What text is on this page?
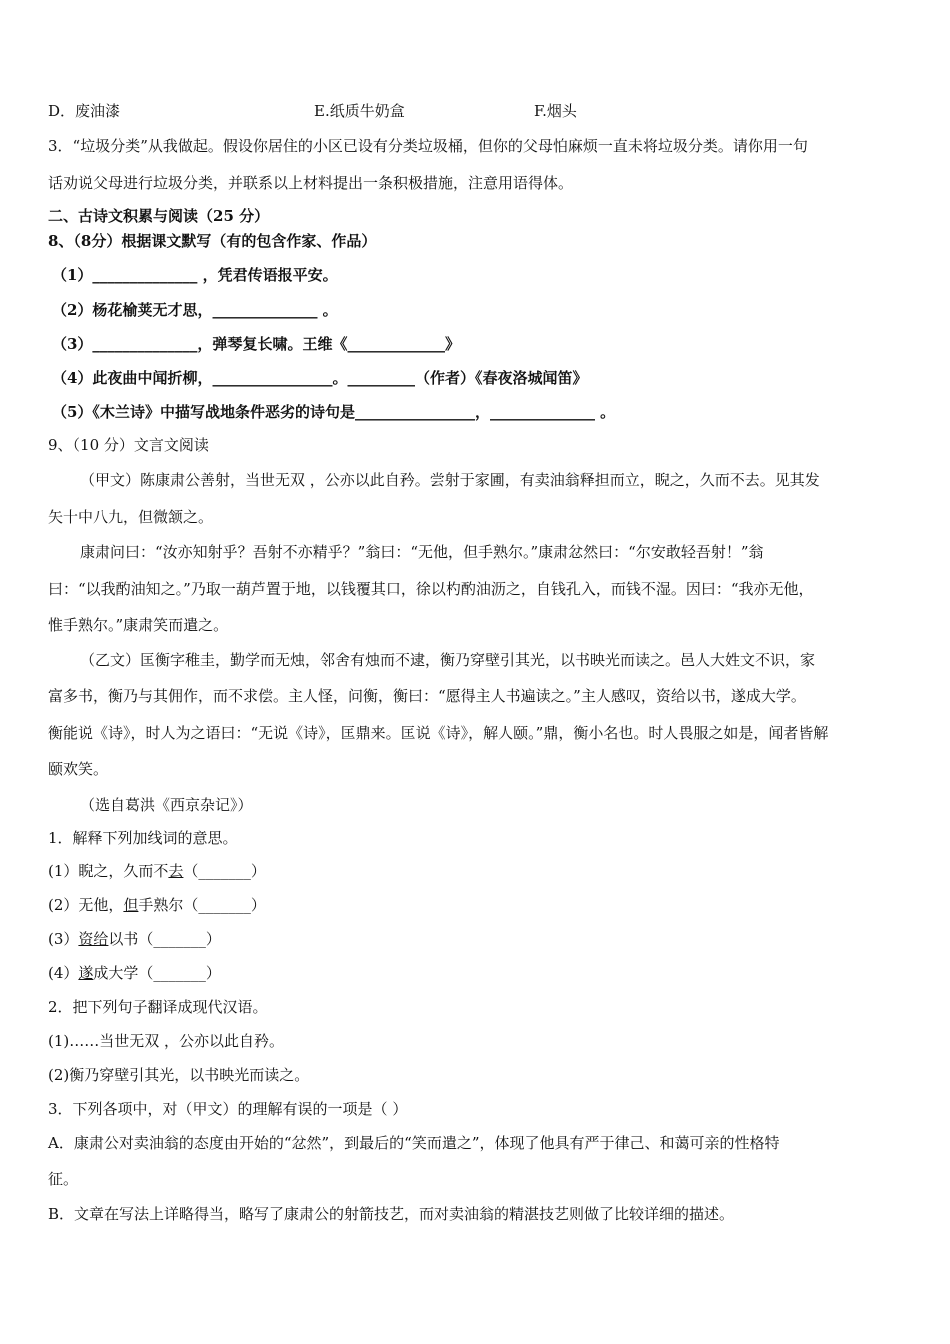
D．废油漆	E.纸质牛奶盒	F.烟头
3．“垃圾分类”从我做起。假设你居住的小区已设有分类垃圾桶，但你的父母怕麻烦一直未将垃圾分类。请你用一句
话劝说父母进行垃圾分类，并联系以上材料提出一条积极措施，注意用语得体。
二、古诗文积累与阅读（25 分）
8、（8分）根据课文默写（有的包含作家、作品）
（1）______________ ，凭君传语报平安。
（2）杨花榆荚无才思，______________ 。
（3）______________，弹琴复长啸。王维《_____________》
（4）此夜曲中闻折柳，________________。_________（作者）《春夜洛城闻笛》
（5）《木兰诗》中描写战地条件恶劣的诗句是________________，______________ 。
9、（10 分）文言文阅读
（甲文）陈康肃公善射，当世无双 ，公亦以此自矜。尝射于家圃，有卖油翁释担而立，睨之，久而不去。见其发
矢十中八九，但微颔之。
康肃问曰：“汝亦知射乎？吾射不亦精乎？”翁曰：“无他，但手熟尔。”康肃忿然曰：“尔安敢轻吾射！”翁
曰：“以我酌油知之。”乃取一葫芦置于地，以钱覆其口，徐以杓酌油沥之，自钱孔入，而钱不湿。因曰：“我亦无他，
惟手熟尔。”康肃笑而遣之。
（乙文）匡衡字稚圭，勤学而无烛，邻舍有烛而不逮，衡乃穿壁引其光，以书映光而读之。邑人大姓文不识，家
富多书，衡乃与其佣作，而不求偿。主人怪，问衡，衡曰：“愿得主人书遍读之。”主人感叹，资给以书，遂成大学。
衡能说《诗》，时人为之语曰：“无说《诗》，匡鼎来。匡说《诗》，解人颐。”鼎，衡小名也。时人畏服之如是，闻者皆解
颐欢笑。
（选自葛洪《西京杂记》）
1．解释下列加线词的意思。
(1）睨之，久而不去（_______）
(2）无他，但手熟尔（_______）
(3）资给以书（_______）
(4）遂成大学（_______）
2．把下列句子翻译成现代汉语。
(1)……当世无双 ，公亦以此自矜。
(2)衡乃穿壁引其光，以书映光而读之。
3．下列各项中，对（甲文）的理解有误的一项是（ ）
A．康肃公对卖油翁的态度由开始的“忿然”，到最后的“笑而遣之”，体现了他具有严于律己、和蔼可亲的性格特
征。
B．文章在写法上详略得当，略写了康肃公的射箭技艺，而对卖油翁的精湛技艺则做了比较详细的描述。
